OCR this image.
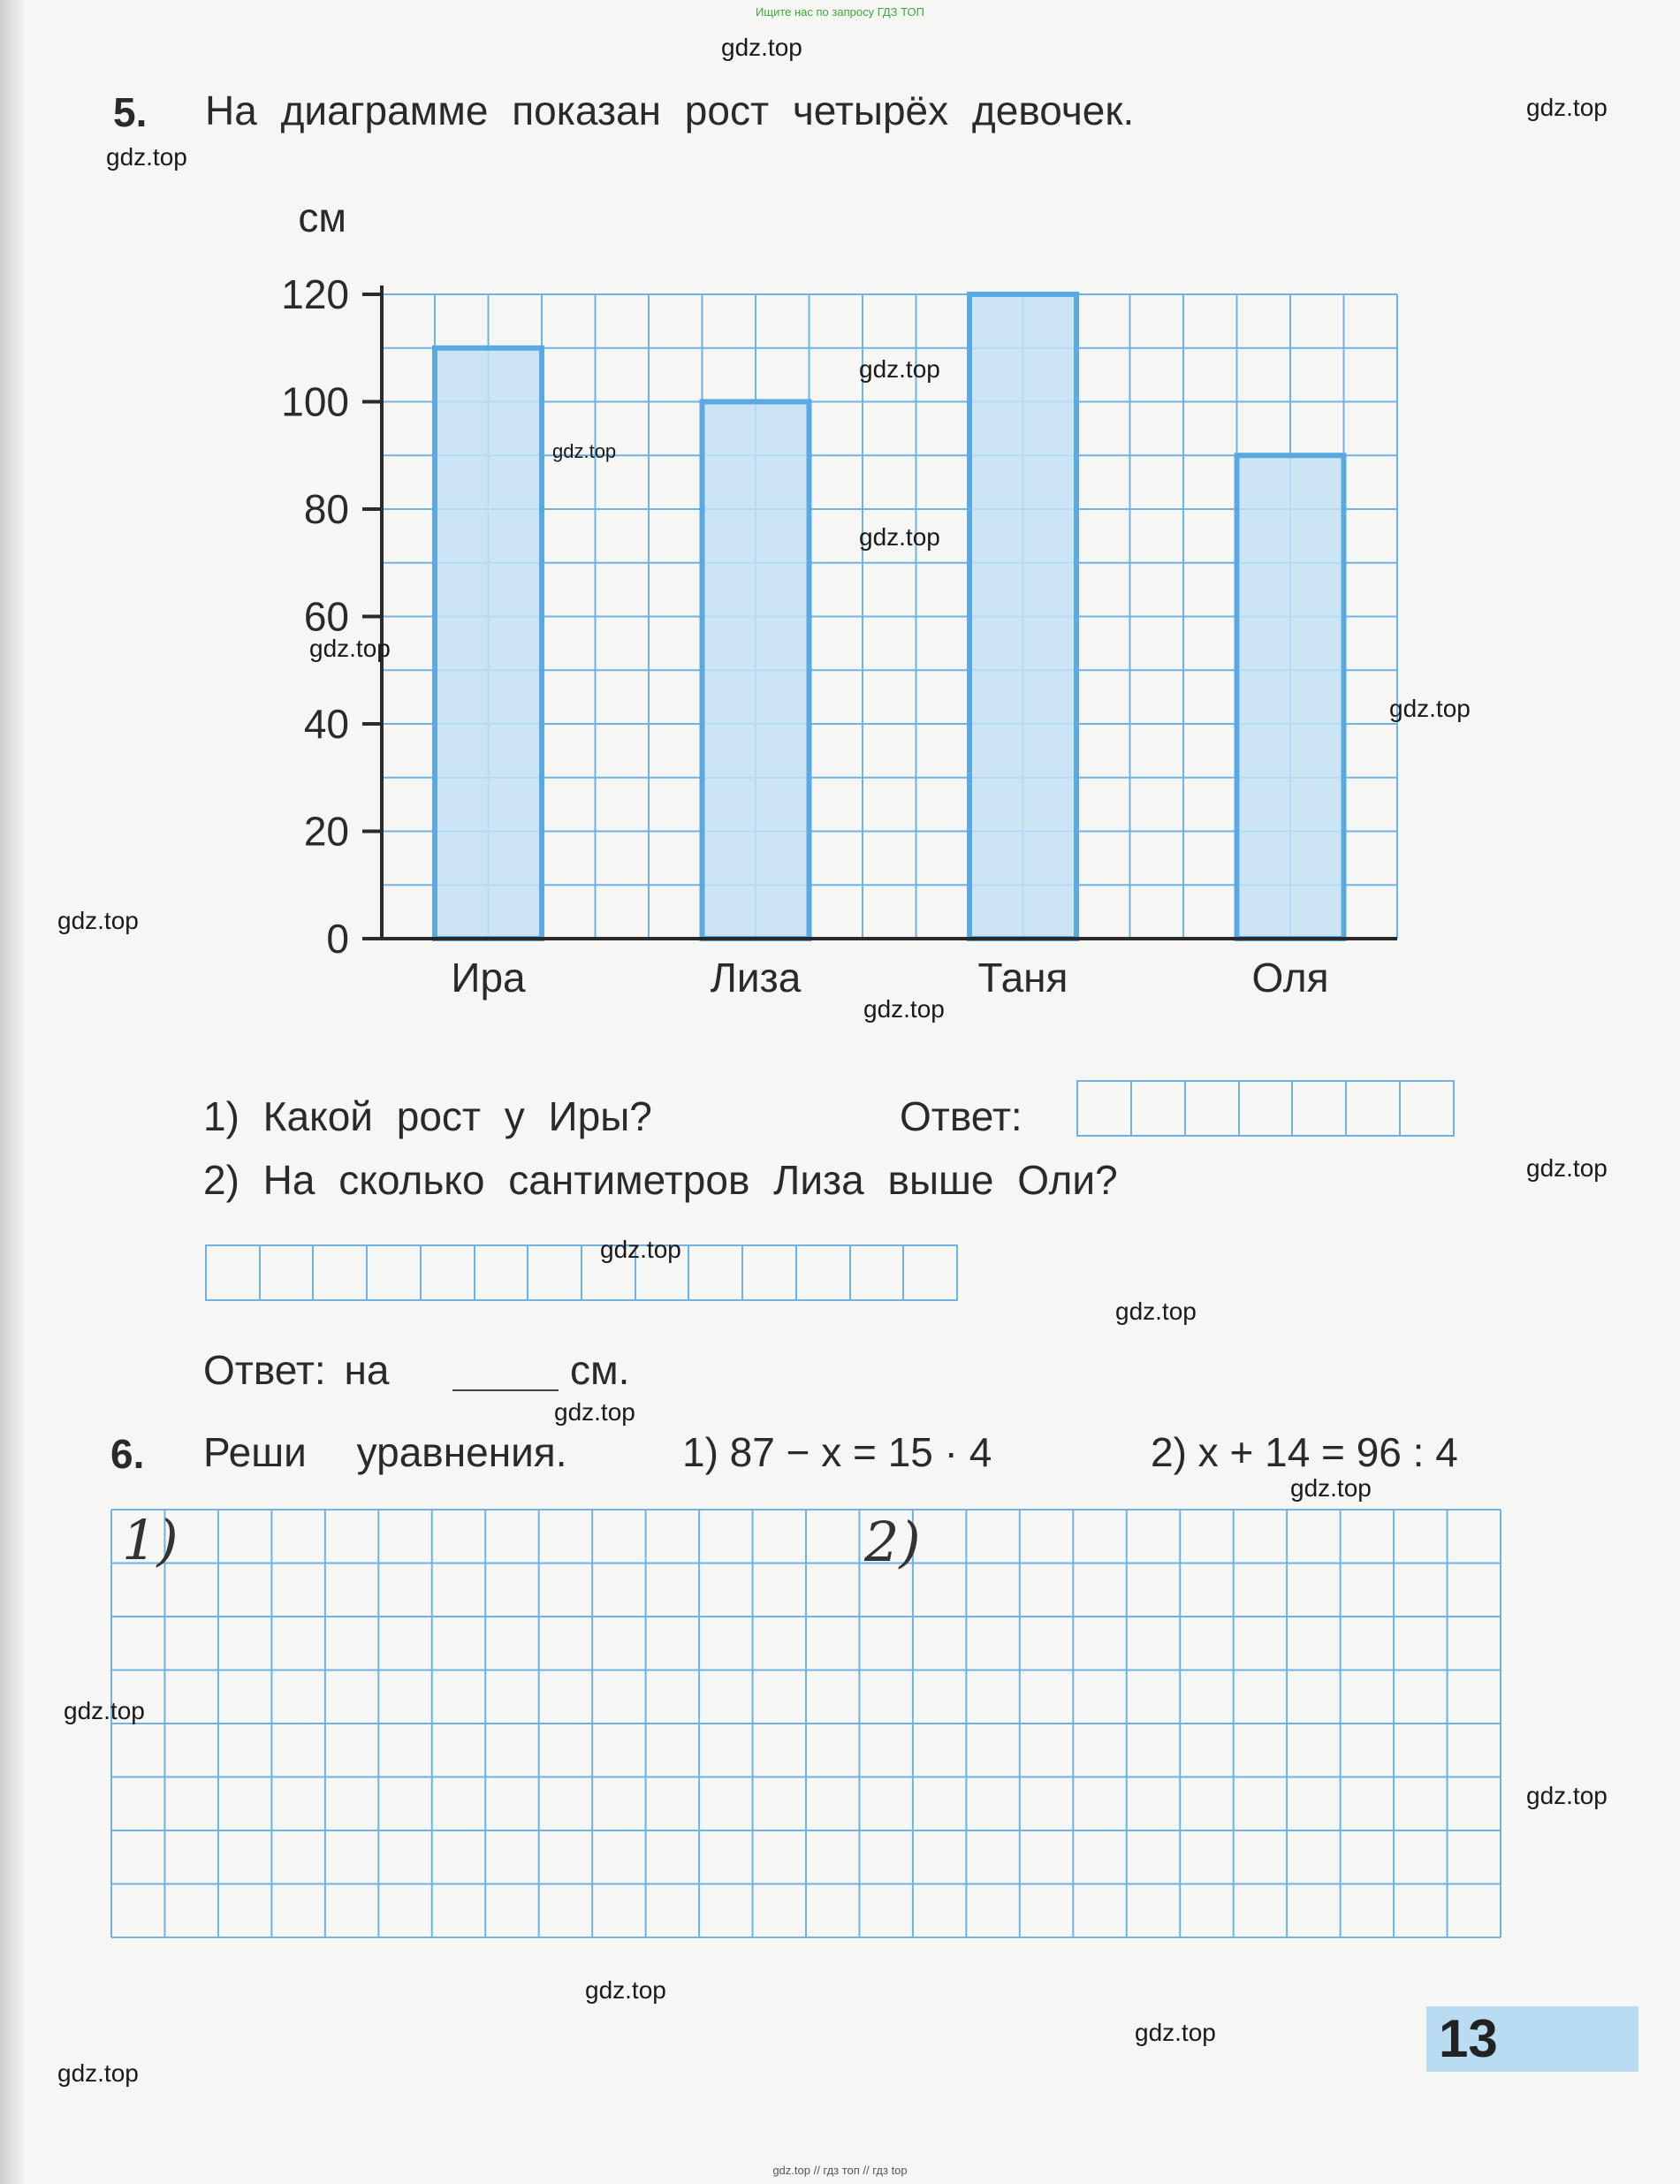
Ищите нас по запросу ГДЗ ТОП
5. На диаграмме показан рост четырёх девочек.
0
20
40
60
80
100
120
см
Ира	Лиза	Таня	Оля
1) Какой рост у Иры?	Ответ:
2) На сколько сантиметров Лиза выше Оли?
Ответ: на	см.
6. Реши уравнения.	1) 87 − x = 15 · 4	2) x + 14 = 96 : 4
1)	2)
13
gdz.top
gdz.top
gdz.top
gdz.top
gdz.top
gdz.top
gdz.top
gdz.top
gdz.top
gdz.top
gdz.top
gdz.top
gdz.top
gdz.top
gdz.top
gdz.top
gdz.top
gdz.top
gdz.top
gdz.top
gdz.top // гдз топ // гдз top
